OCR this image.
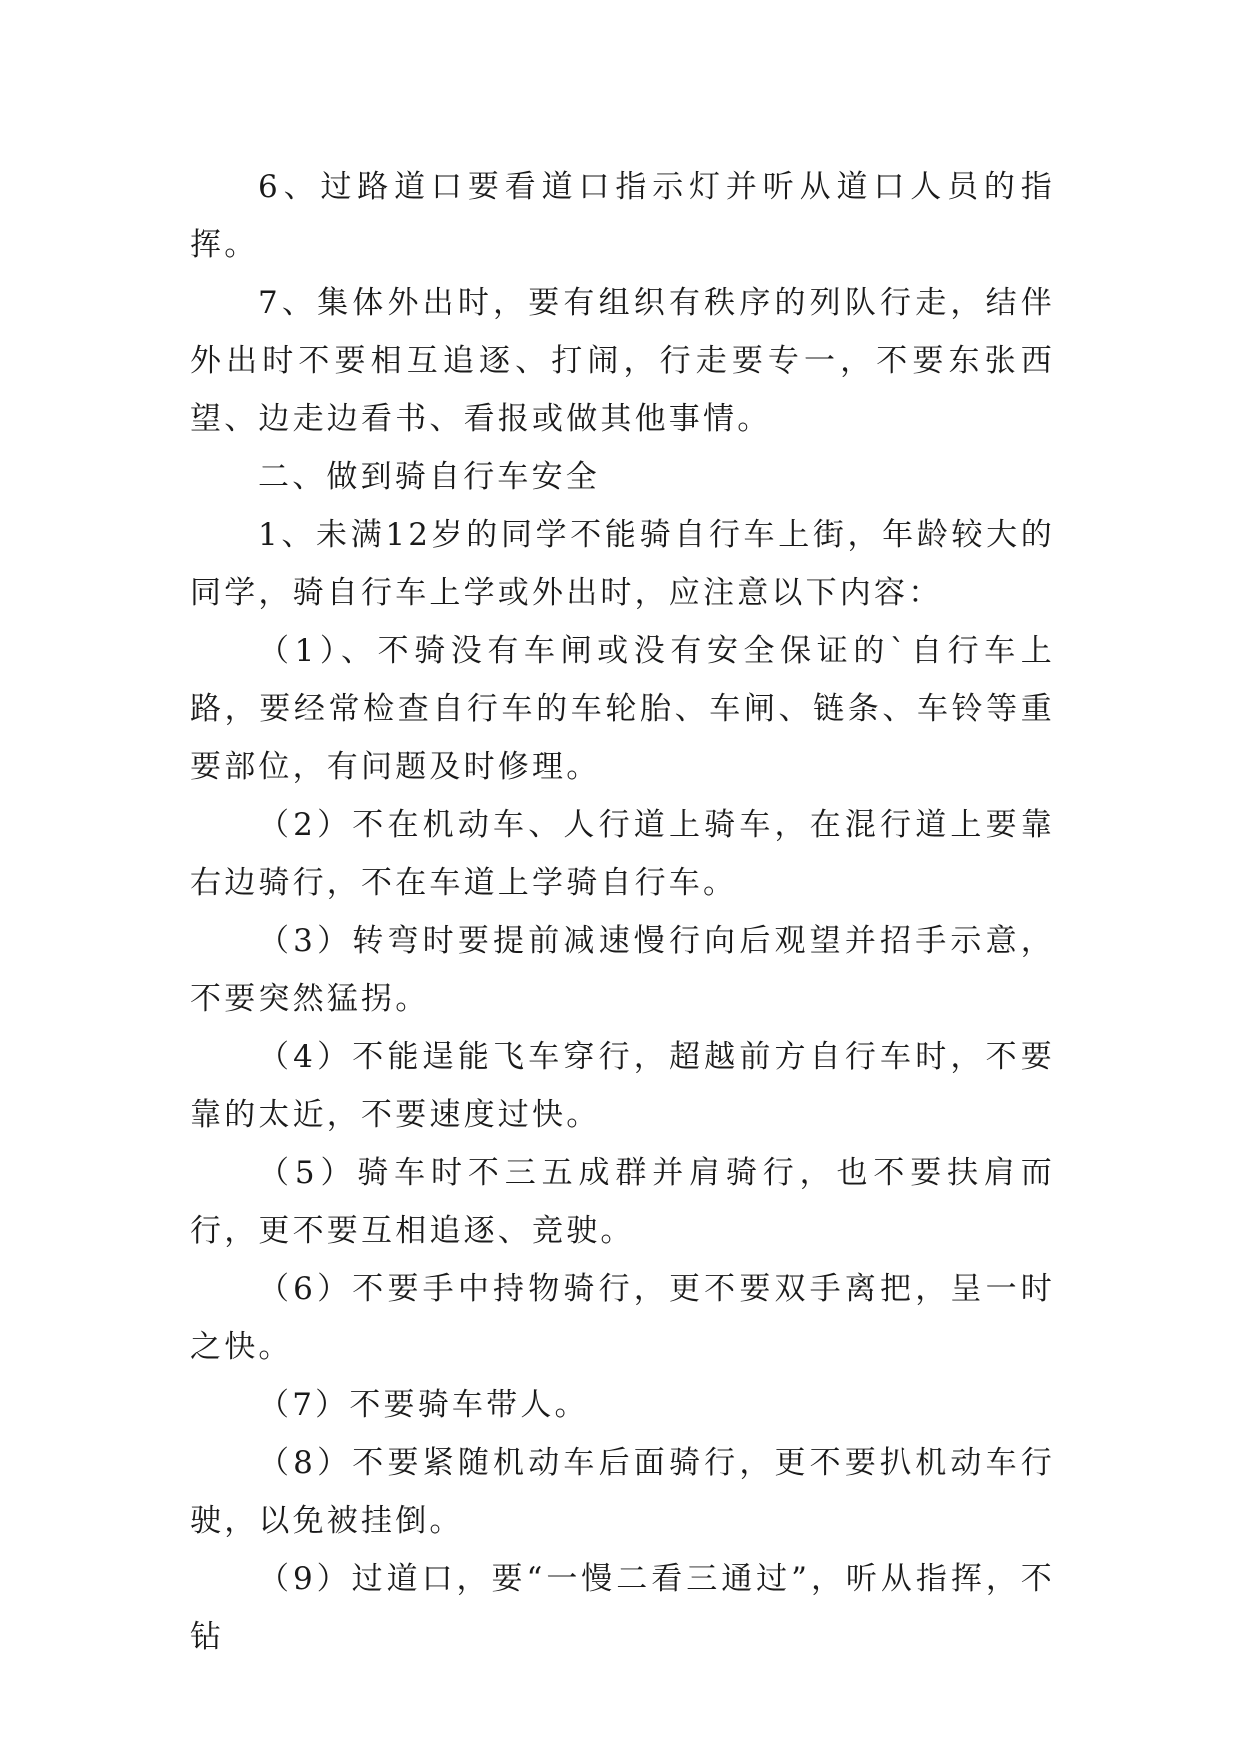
6、过路道口要看道口指示灯并听从道口人员的指挥。

7、集体外出时，要有组织有秩序的列队行走，结伴外出时不要相互追逐、打闹，行走要专一，不要东张西望、边走边看书、看报或做其他事情。

二、做到骑自行车安全

1、未满12岁的同学不能骑自行车上街，年龄较大的同学，骑自行车上学或外出时，应注意以下内容：

（1）、不骑没有车闸或没有安全保证的`自行车上路，要经常检查自行车的车轮胎、车闸、链条、车铃等重要部位，有问题及时修理。

（2）不在机动车、人行道上骑车，在混行道上要靠右边骑行，不在车道上学骑自行车。

（3）转弯时要提前减速慢行向后观望并招手示意，不要突然猛拐。

（4）不能逞能飞车穿行，超越前方自行车时，不要靠的太近，不要速度过快。

（5）骑车时不三五成群并肩骑行，也不要扶肩而行，更不要互相追逐、竞驶。

（6）不要手中持物骑行，更不要双手离把，呈一时之快。

（7）不要骑车带人。

（8）不要紧随机动车后面骑行，更不要扒机动车行驶，以免被挂倒。

（9）过道口，要“一慢二看三通过”，听从指挥，不钻
